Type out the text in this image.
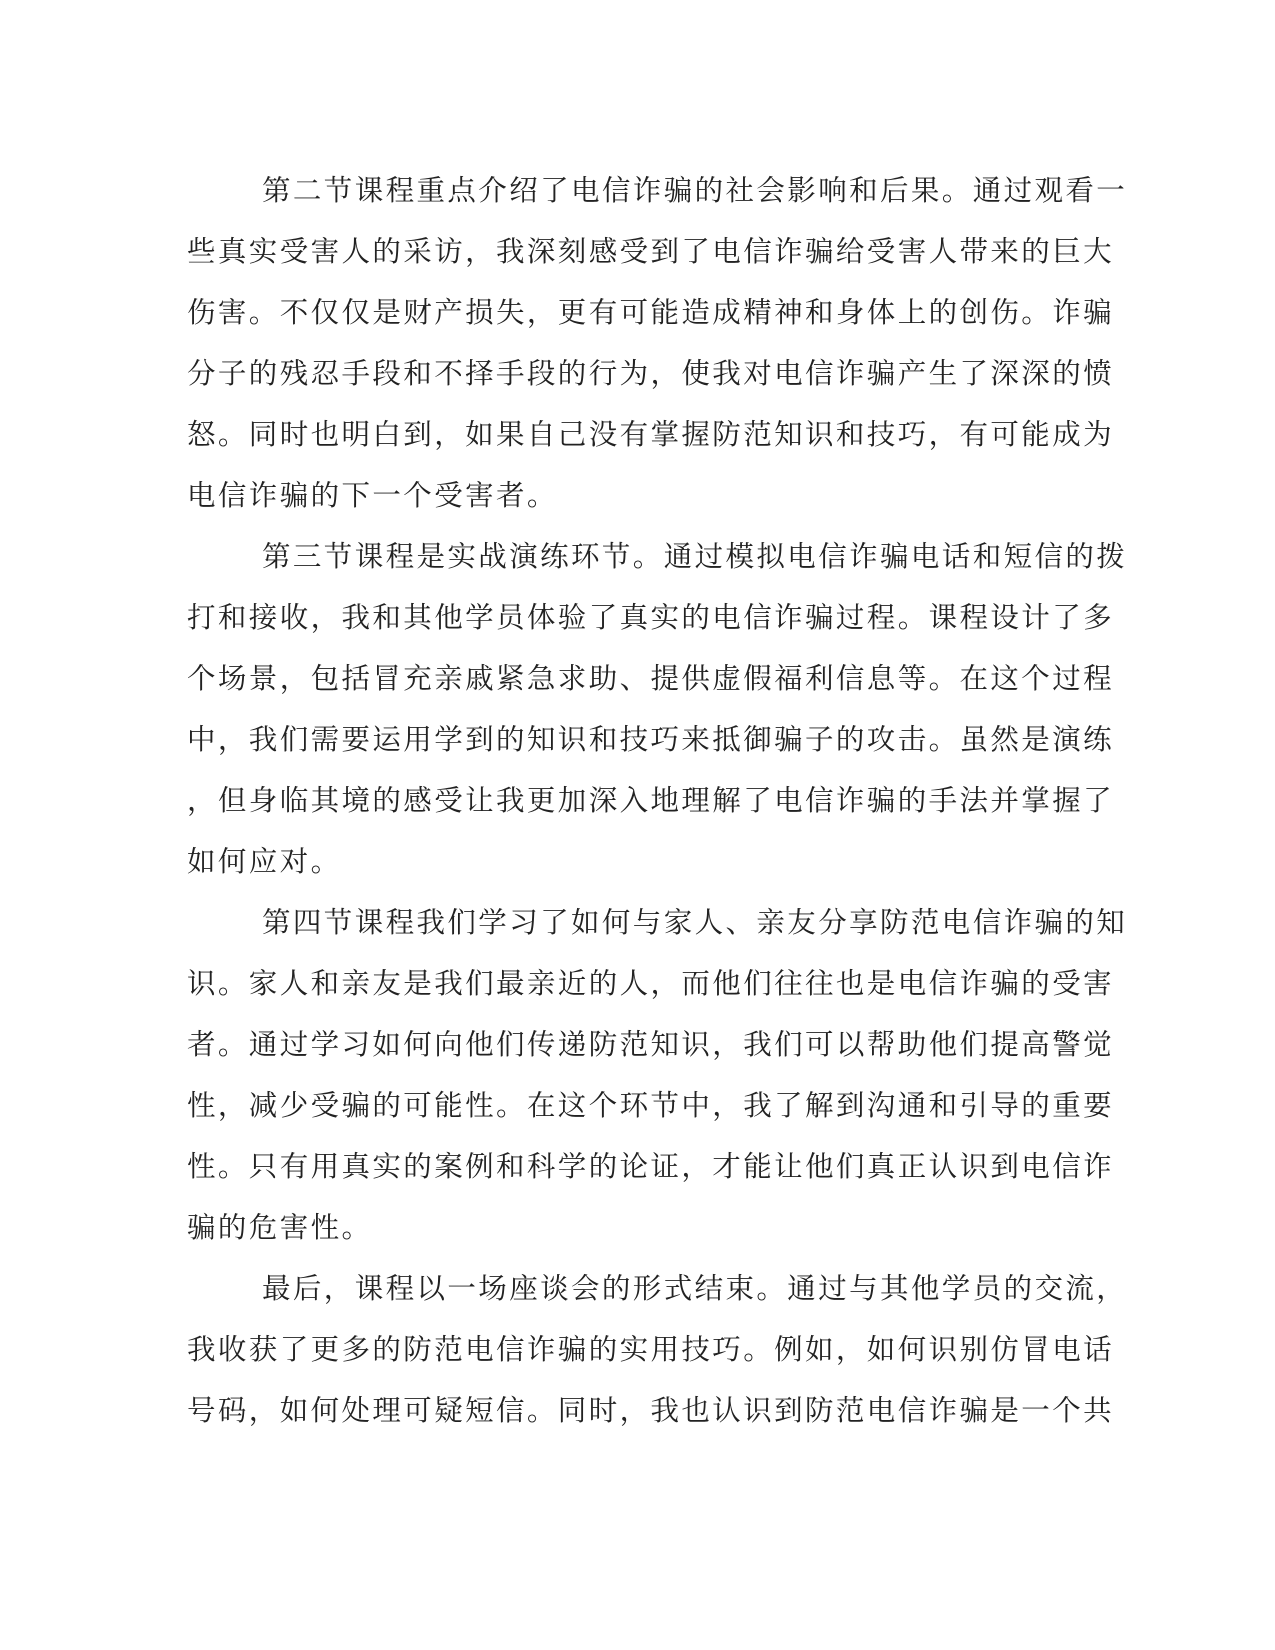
第二节课程重点介绍了电信诈骗的社会影响和后果。通过观看一
些真实受害人的采访，我深刻感受到了电信诈骗给受害人带来的巨大
伤害。不仅仅是财产损失，更有可能造成精神和身体上的创伤。诈骗
分子的残忍手段和不择手段的行为，使我对电信诈骗产生了深深的愤
怒。同时也明白到，如果自己没有掌握防范知识和技巧，有可能成为
电信诈骗的下一个受害者。
第三节课程是实战演练环节。通过模拟电信诈骗电话和短信的拨
打和接收，我和其他学员体验了真实的电信诈骗过程。课程设计了多
个场景，包括冒充亲戚紧急求助、提供虚假福利信息等。在这个过程
中，我们需要运用学到的知识和技巧来抵御骗子的攻击。虽然是演练
，但身临其境的感受让我更加深入地理解了电信诈骗的手法并掌握了
如何应对。
第四节课程我们学习了如何与家人、亲友分享防范电信诈骗的知
识。家人和亲友是我们最亲近的人，而他们往往也是电信诈骗的受害
者。通过学习如何向他们传递防范知识，我们可以帮助他们提高警觉
性，减少受骗的可能性。在这个环节中，我了解到沟通和引导的重要
性。只有用真实的案例和科学的论证，才能让他们真正认识到电信诈
骗的危害性。
最后，课程以一场座谈会的形式结束。通过与其他学员的交流，
我收获了更多的防范电信诈骗的实用技巧。例如，如何识别仿冒电话
号码，如何处理可疑短信。同时，我也认识到防范电信诈骗是一个共
